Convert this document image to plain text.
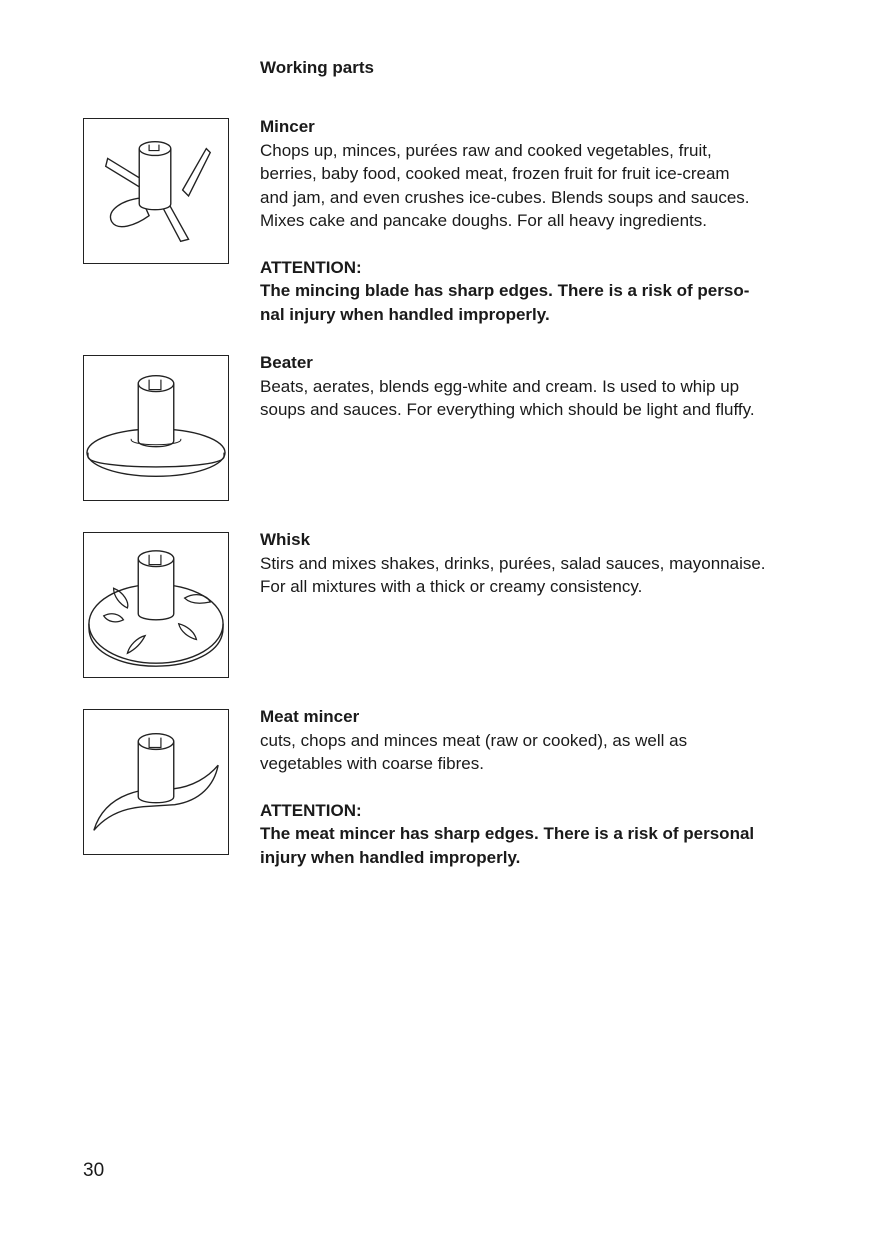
Working parts
Mincer
Chops up, minces, purées raw and cooked vegetables, fruit,
berries, baby food, cooked meat, frozen fruit for fruit ice-cream
and jam, and even crushes ice-cubes. Blends soups and sauces.
Mixes cake and pancake doughs. For all heavy ingredients.
ATTENTION:
The mincing blade has sharp edges. There is a risk of perso-
nal injury when handled improperly.
Beater
Beats, aerates, blends egg-white and cream. Is used to whip up
soups and sauces. For everything which should be light and fluffy.
Whisk
Stirs and mixes shakes, drinks, purées, salad sauces, mayonnaise.
For all mixtures with a thick or creamy consistency.
Meat mincer
cuts, chops and minces meat (raw or cooked), as well as
vegetables with coarse fibres.
ATTENTION:
The meat mincer has sharp edges. There is a risk of personal
injury when handled improperly.
30
